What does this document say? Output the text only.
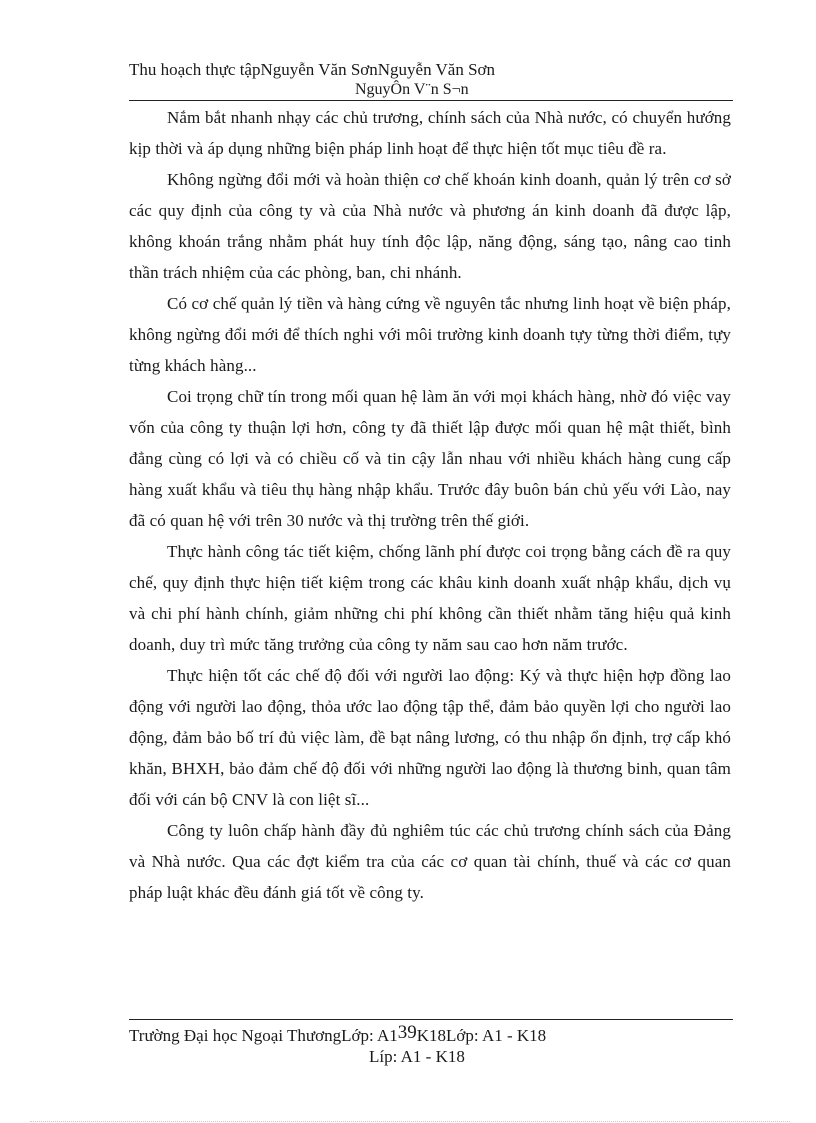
Thu hoạch thực tậpNguyễn Văn SơnNguyễn Văn Sơn
NguyÔn V¨n S¬n

Nắm bắt nhanh nhạy các chủ trương, chính sách của Nhà nước, có chuyển hướng kịp thời và áp dụng những biện pháp linh hoạt để thực hiện tốt mục tiêu đề ra.

Không ngừng đổi mới và hoàn thiện cơ chế khoán kinh doanh, quản lý trên cơ sở các quy định của công ty và của Nhà nước và phương án kinh doanh đã được lập, không khoán trắng nhằm phát huy tính độc lập, năng động, sáng tạo, nâng cao tinh thần trách nhiệm của các phòng, ban, chi nhánh.

Có cơ chế quản lý tiền và hàng cứng về nguyên tắc nhưng linh hoạt về biện pháp, không ngừng đổi mới để thích nghi với môi trường kinh doanh tựy từng thời điểm, tựy từng khách hàng...

Coi trọng chữ tín trong mối quan hệ làm ăn với mọi khách hàng, nhờ đó việc vay vốn của công ty thuận lợi hơn, công ty đã thiết lập được mối quan hệ mật thiết, bình đẳng cùng có lợi và có chiều cố và tin cậy lẫn nhau với nhiều khách hàng cung cấp hàng xuất khẩu và tiêu thụ hàng nhập khẩu. Trước đây buôn bán chủ yếu với Lào, nay đã có quan hệ với trên 30 nước và thị trường trên thế giới.

Thực hành công tác tiết kiệm, chống lãnh phí được coi trọng bằng cách đề ra quy chế, quy định thực hiện tiết kiệm trong các khâu kinh doanh xuất nhập khẩu, dịch vụ và chi phí hành chính, giảm những chi phí không cần thiết nhằm tăng hiệu quả kinh doanh, duy trì mức tăng trưởng của công ty năm sau cao hơn năm trước.

Thực hiện tốt các chế độ đối với người lao động: Ký và thực hiện hợp đồng lao động với người lao động, thỏa ước lao động tập thể, đảm bảo quyền lợi cho người lao động, đảm bảo bố trí đủ việc làm, đề bạt nâng lương, có thu nhập ổn định, trợ cấp khó khăn, BHXH, bảo đảm chế độ đối với những người lao động là thương binh, quan tâm đối với cán bộ CNV là con liệt sĩ...

Công ty luôn chấp hành đầy đủ nghiêm túc các chủ trương chính sách của Đảng và Nhà nước. Qua các đợt kiểm tra của các cơ quan tài chính, thuế và các cơ quan pháp luật khác đều đánh giá tốt về công ty.

Trường Đại học Ngoại ThươngLớp: A139K18Lớp: A1 - K18
Líp: A1 - K18
